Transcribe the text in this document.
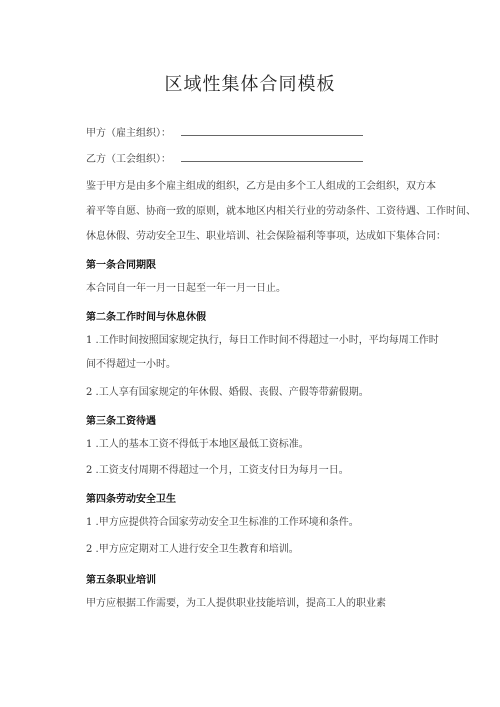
区域性集体合同模板
甲方（雇主组织）：
乙方（工会组织）：
鉴于甲方是由多个雇主组成的组织，乙方是由多个工人组成的工会组织，双方本
着平等自愿、协商一致的原则，就本地区内相关行业的劳动条件、工资待遇、工作时间、
休息休假、劳动安全卫生、职业培训、社会保险福利等事项，达成如下集体合同：
第一条合同期限
本合同自一年一月一日起至一年一月一日止。
第二条工作时间与休息休假
1 .工作时间按照国家规定执行，每日工作时间不得超过一小时，平均每周工作时
间不得超过一小时。
2 .工人享有国家规定的年休假、婚假、丧假、产假等带薪假期。
第三条工资待遇
1 .工人的基本工资不得低于本地区最低工资标准。
2 .工资支付周期不得超过一个月，工资支付日为每月一日。
第四条劳动安全卫生
1 .甲方应提供符合国家劳动安全卫生标准的工作环境和条件。
2 .甲方应定期对工人进行安全卫生教育和培训。
第五条职业培训
甲方应根据工作需要，为工人提供职业技能培训，提高工人的职业素
